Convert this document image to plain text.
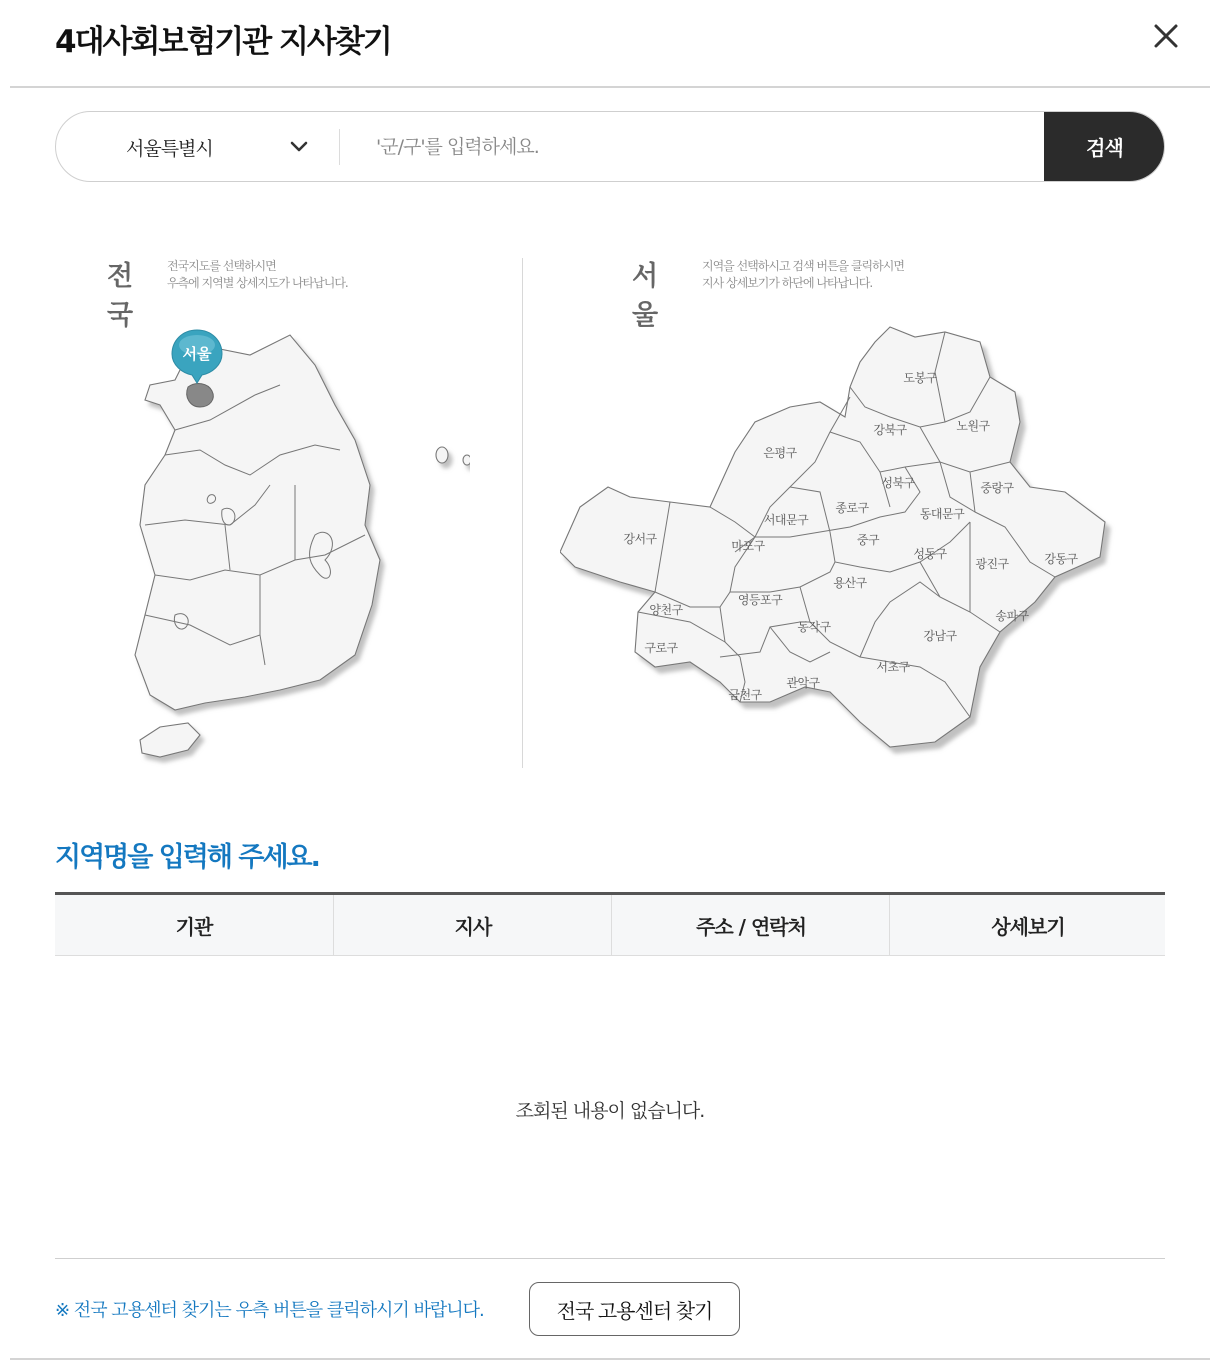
4대사회보험기관 지사찾기
서울특별시
'군/구'를 입력하세요.	검색
전국
전국지도를 선택하시면
우측에 지역별 상세지도가 나타납니다.
서울
서울
지역을 선택하시고 검색 버튼을 클릭하시면
지사 상세보기가 하단에 나타납니다.
도봉구
강북구	노원구
은평구
성북구	중랑구
종로구
서대문구	동대문구
강서구	마포구	중구
성동구
광진구	강동구
용산구
영등포구
양천구	송파구
동작구
강남구
구로구
서초구
관악구
금천구
지역명을 입력해 주세요.
기관	지사	주소 / 연락처	상세보기
조회된 내용이 없습니다.
※ 전국 고용센터 찾기는 우측 버튼을 클릭하시기 바랍니다.	전국 고용센터 찾기
